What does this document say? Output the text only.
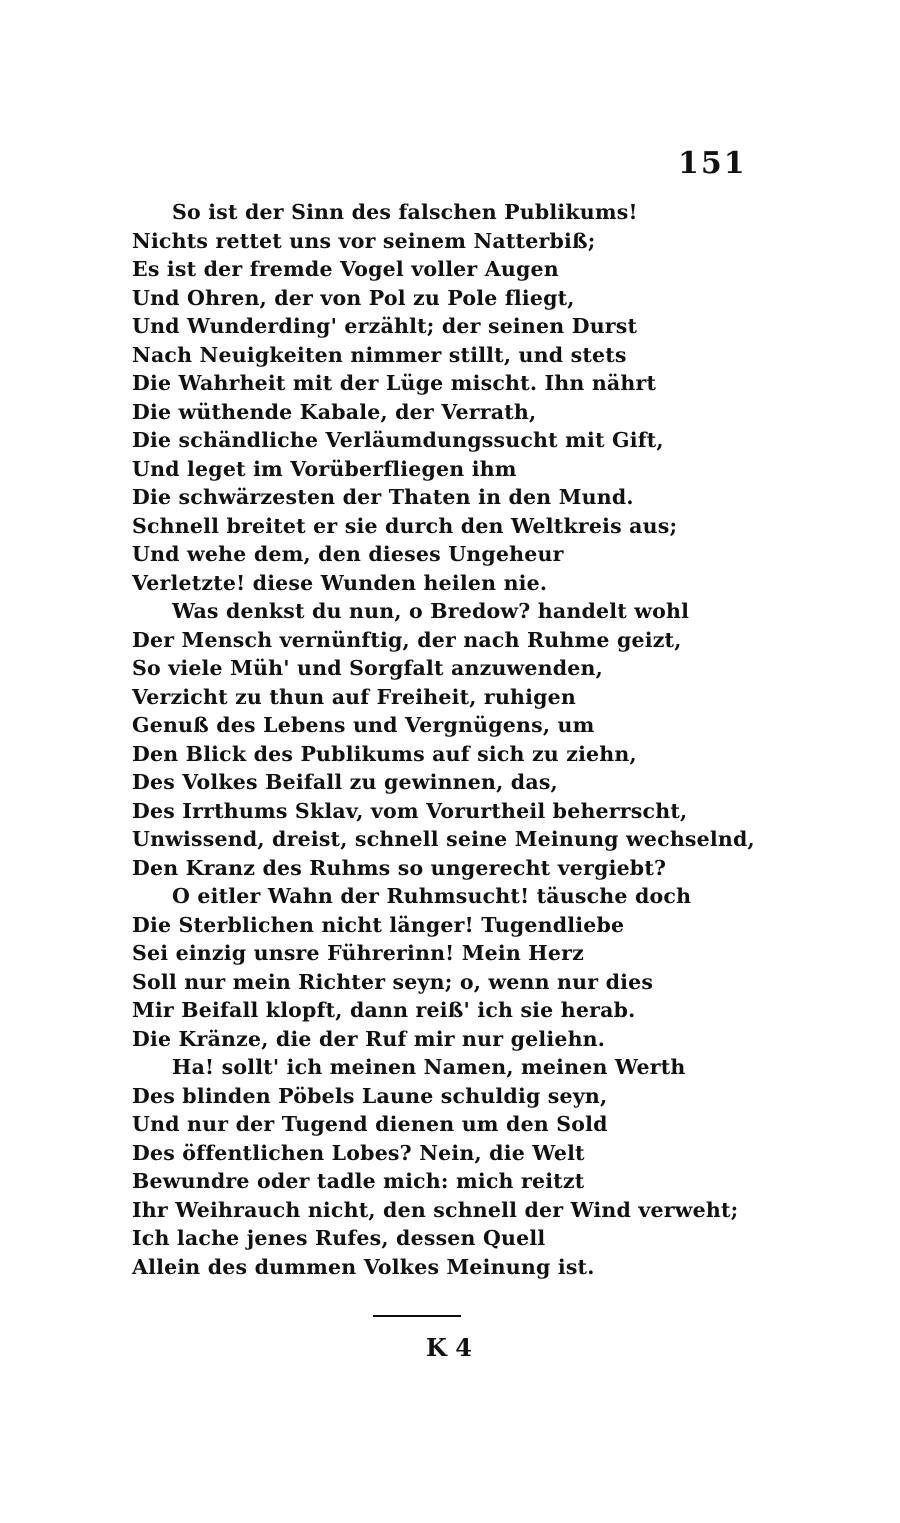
151
So ist der Sinn des falschen Publikums!
Nichts rettet uns vor seinem Natterbiß;
Es ist der fremde Vogel voller Augen
Und Ohren, der von Pol zu Pole fliegt,
Und Wunderding' erzählt; der seinen Durst
Nach Neuigkeiten nimmer stillt, und stets
Die Wahrheit mit der Lüge mischt. Ihn nährt
Die wüthende Kabale, der Verrath,
Die schändliche Verläumdungssucht mit Gift,
Und leget im Vorüberfliegen ihm
Die schwärzesten der Thaten in den Mund.
Schnell breitet er sie durch den Weltkreis aus;
Und wehe dem, den dieses Ungeheur
Verletzte! diese Wunden heilen nie.
Was denkst du nun, o Bredow? handelt wohl
Der Mensch vernünftig, der nach Ruhme geizt,
So viele Müh' und Sorgfalt anzuwenden,
Verzicht zu thun auf Freiheit, ruhigen
Genuß des Lebens und Vergnügens, um
Den Blick des Publikums auf sich zu ziehn,
Des Volkes Beifall zu gewinnen, das,
Des Irrthums Sklav, vom Vorurtheil beherrscht,
Unwissend, dreist, schnell seine Meinung wechselnd,
Den Kranz des Ruhms so ungerecht vergiebt?
O eitler Wahn der Ruhmsucht! täusche doch
Die Sterblichen nicht länger! Tugendliebe
Sei einzig unsre Führerinn! Mein Herz
Soll nur mein Richter seyn; o, wenn nur dies
Mir Beifall klopft, dann reiß' ich sie herab.
Die Kränze, die der Ruf mir nur geliehn.
Ha! sollt' ich meinen Namen, meinen Werth
Des blinden Pöbels Laune schuldig seyn,
Und nur der Tugend dienen um den Sold
Des öffentlichen Lobes? Nein, die Welt
Bewundre oder tadle mich: mich reitzt
Ihr Weihrauch nicht, den schnell der Wind verweht;
Ich lache jenes Rufes, dessen Quell
Allein des dummen Volkes Meinung ist.
K 4
